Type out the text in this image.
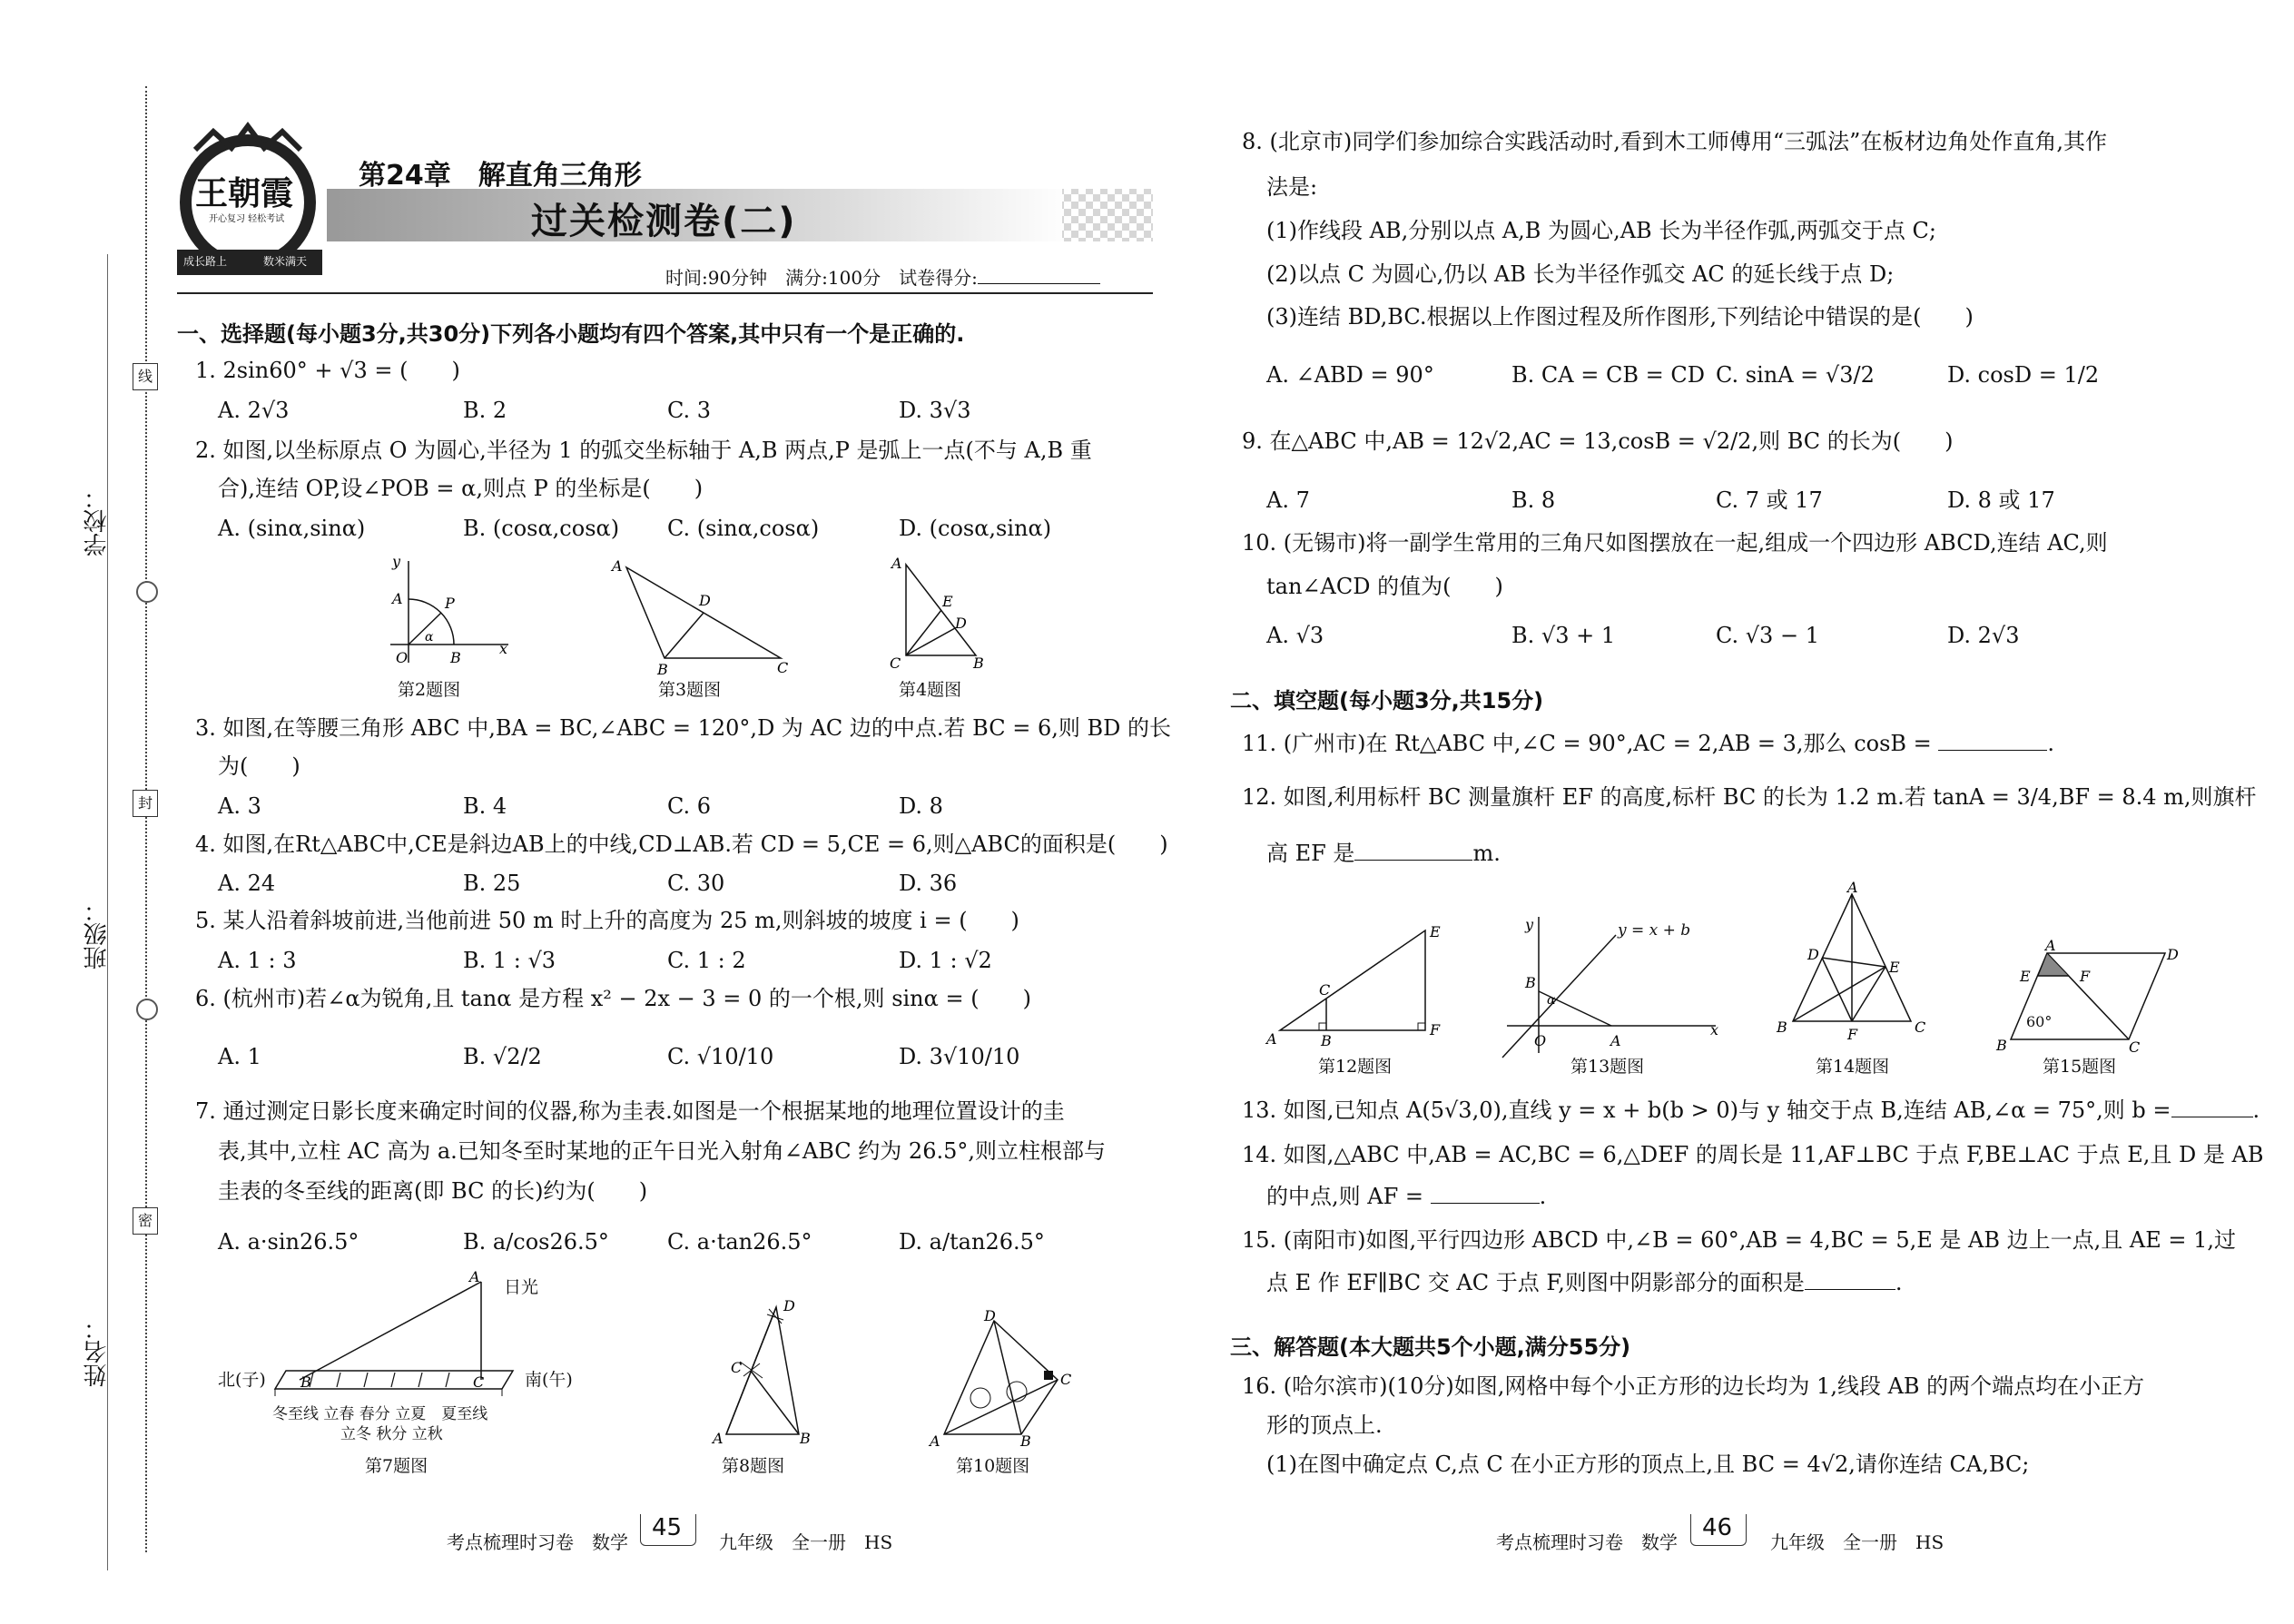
学校：
班级：
姓名：
线
封
密
王朝霞
开心复习 轻松考试
成长路上	数米满天
第24章　解直角三角形
过关检测卷(二)
时间:90分钟　满分:100分　试卷得分:
一、选择题(每小题3分,共30分)下列各小题均有四个答案,其中只有一个是正确的.
1. 2sin60° + √3 = (　　)
A. 2√3	B. 2	C. 3	D. 3√3
2. 如图,以坐标原点 O 为圆心,半径为 1 的弧交坐标轴于 A,B 两点,P 是弧上一点(不与 A,B 重
合),连结 OP,设∠POB = α,则点 P 的坐标是(　　)
A. (sinα,sinα)	B. (cosα,cosα) C. (sinα,cosα)	D. (cosα,sinα)
y
A	P
α
O	B
x
A
D
B	C
A
E
D
C	B
第2题图	第3题图	第4题图
3. 如图,在等腰三角形 ABC 中,BA = BC,∠ABC = 120°,D 为 AC 边的中点.若 BC = 6,则 BD 的长
为(　　)
A. 3	B. 4	C. 6	D. 8
4. 如图,在Rt△ABC中,CE是斜边AB上的中线,CD⊥AB.若 CD = 5,CE = 6,则△ABC的面积是(　　)
A. 24	B. 25	C. 30	D. 36
5. 某人沿着斜坡前进,当他前进 50 m 时上升的高度为 25 m,则斜坡的坡度 i = (　　)
A. 1 : 3	B. 1 : √3	C. 1 : 2	D. 1 : √2
6. (杭州市)若∠α为锐角,且 tanα 是方程 x² − 2x − 3 = 0 的一个根,则 sinα = (　　)
A. 1	B. √2/2	C. √10/10	D. 3√10/10
7. 通过测定日影长度来确定时间的仪器,称为圭表.如图是一个根据某地的地理位置设计的圭
表,其中,立柱 AC 高为 a.已知冬至时某地的正午日光入射角∠ABC 约为 26.5°,则立柱根部与
圭表的冬至线的距离(即 BC 的长)约为(　　)
A. a·sin26.5°	B. a/cos26.5°	C. a·tan26.5°	D. a/tan26.5°
A
B	C
日光
北(子)	南(午)
冬至线 立春 春分 立夏　夏至线
立冬 秋分 立秋
第7题图
D
C
A	B
第8题图
D
C
A	B
第10题图
考点梳理时习卷　数学
45
九年级　全一册　HS
8. (北京市)同学们参加综合实践活动时,看到木工师傅用“三弧法”在板材边角处作直角,其作
法是:
(1)作线段 AB,分别以点 A,B 为圆心,AB 长为半径作弧,两弧交于点 C;
(2)以点 C 为圆心,仍以 AB 长为半径作弧交 AC 的延长线于点 D;
(3)连结 BD,BC.根据以上作图过程及所作图形,下列结论中错误的是(　　)
A. ∠ABD = 90°	B. CA = CB = CD C. sinA = √3/2	D. cosD = 1/2
9. 在△ABC 中,AB = 12√2,AC = 13,cosB = √2/2,则 BC 的长为(　　)
A. 7	B. 8	C. 7 或 17	D. 8 或 17
10. (无锡市)将一副学生常用的三角尺如图摆放在一起,组成一个四边形 ABCD,连结 AC,则
tan∠ACD 的值为(　　)
A. √3	B. √3 + 1	C. √3 − 1	D. 2√3
二、填空题(每小题3分,共15分)
11. (广州市)在 Rt△ABC 中,∠C = 90°,AC = 2,AB = 3,那么 cosB =	.
12. 如图,利用标杆 BC 测量旗杆 EF 的高度,标杆 BC 的长为 1.2 m.若 tanA = 3/4,BF = 8.4 m,则旗杆
高 EF 是	m.
A
C
B
E
F
y
B
α
O	A
x
y = x + b
A
D
E
B	F	C
A
E	F
D
B	C
60°
第12题图	第13题图	第14题图	第15题图
13. 如图,已知点 A(5√3,0),直线 y = x + b(b > 0)与 y 轴交于点 B,连结 AB,∠α = 75°,则 b =	.
14. 如图,△ABC 中,AB = AC,BC = 6,△DEF 的周长是 11,AF⊥BC 于点 F,BE⊥AC 于点 E,且 D 是 AB
的中点,则 AF =	.
15. (南阳市)如图,平行四边形 ABCD 中,∠B = 60°,AB = 4,BC = 5,E 是 AB 边上一点,且 AE = 1,过
点 E 作 EF∥BC 交 AC 于点 F,则图中阴影部分的面积是	.
三、解答题(本大题共5个小题,满分55分)
16. (哈尔滨市)(10分)如图,网格中每个小正方形的边长均为 1,线段 AB 的两个端点均在小正方
形的顶点上.
(1)在图中确定点 C,点 C 在小正方形的顶点上,且 BC = 4√2,请你连结 CA,BC;
考点梳理时习卷　数学
46
九年级　全一册　HS
